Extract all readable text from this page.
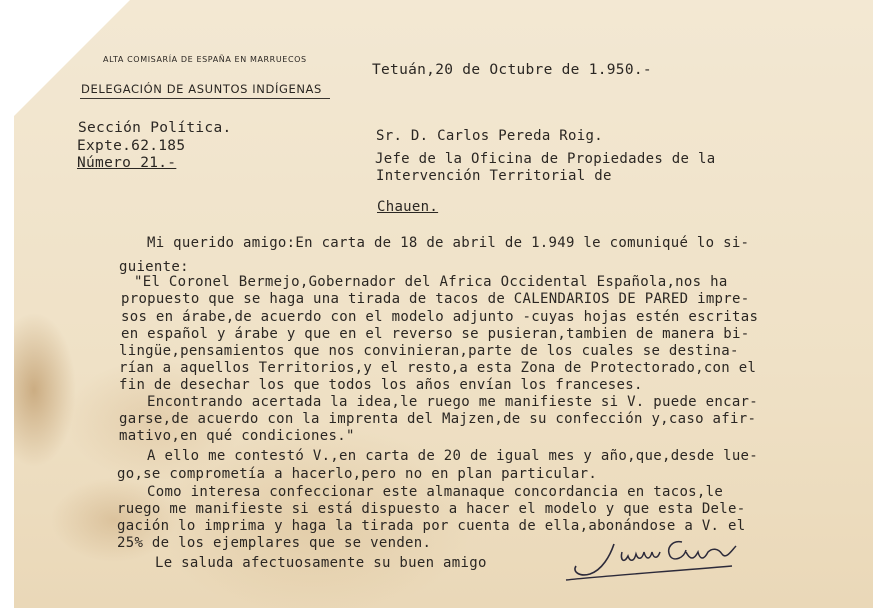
ALTA COMISARÍA DE ESPAÑA EN MARRUECOS
DELEGACIÓN DE ASUNTOS INDÍGENAS
Sección Política.
Expte.62.185
Número 21.-
Tetuán,20 de Octubre de 1.950.-
Sr. D. Carlos Pereda Roig.
Jefe de la Oficina de Propiedades de la
Intervención Territorial de
Chauen.
Mi querido amigo:En carta de 18 de abril de 1.949 le comuniqué lo si-
guiente:
"El Coronel Bermejo,Gobernador del Africa Occidental Española,nos ha
propuesto que se haga una tirada de tacos de CALENDARIOS DE PARED impre-
sos en árabe,de acuerdo con el modelo adjunto -cuyas hojas estén escritas
en español y árabe y que en el reverso se pusieran,tambien de manera bi-
lingüe,pensamientos que nos convinieran,parte de los cuales se destina-
rían a aquellos Territorios,y el resto,a esta Zona de Protectorado,con el
fin de desechar los que todos los años envían los franceses.
Encontrando acertada la idea,le ruego me manifieste si V. puede encar-
garse,de acuerdo con la imprenta del Majzen,de su confección y,caso afir-
mativo,en qué condiciones."
A ello me contestó V.,en carta de 20 de igual mes y año,que,desde lue-
go,se comprometía a hacerlo,pero no en plan particular.
Como interesa confeccionar este almanaque concordancia en tacos,le
ruego me manifieste si está dispuesto a hacer el modelo y que esta Dele-
gación lo imprima y haga la tirada por cuenta de ella,abonándose a V. el
25% de los ejemplares que se venden.
Le saluda afectuosamente su buen amigo
